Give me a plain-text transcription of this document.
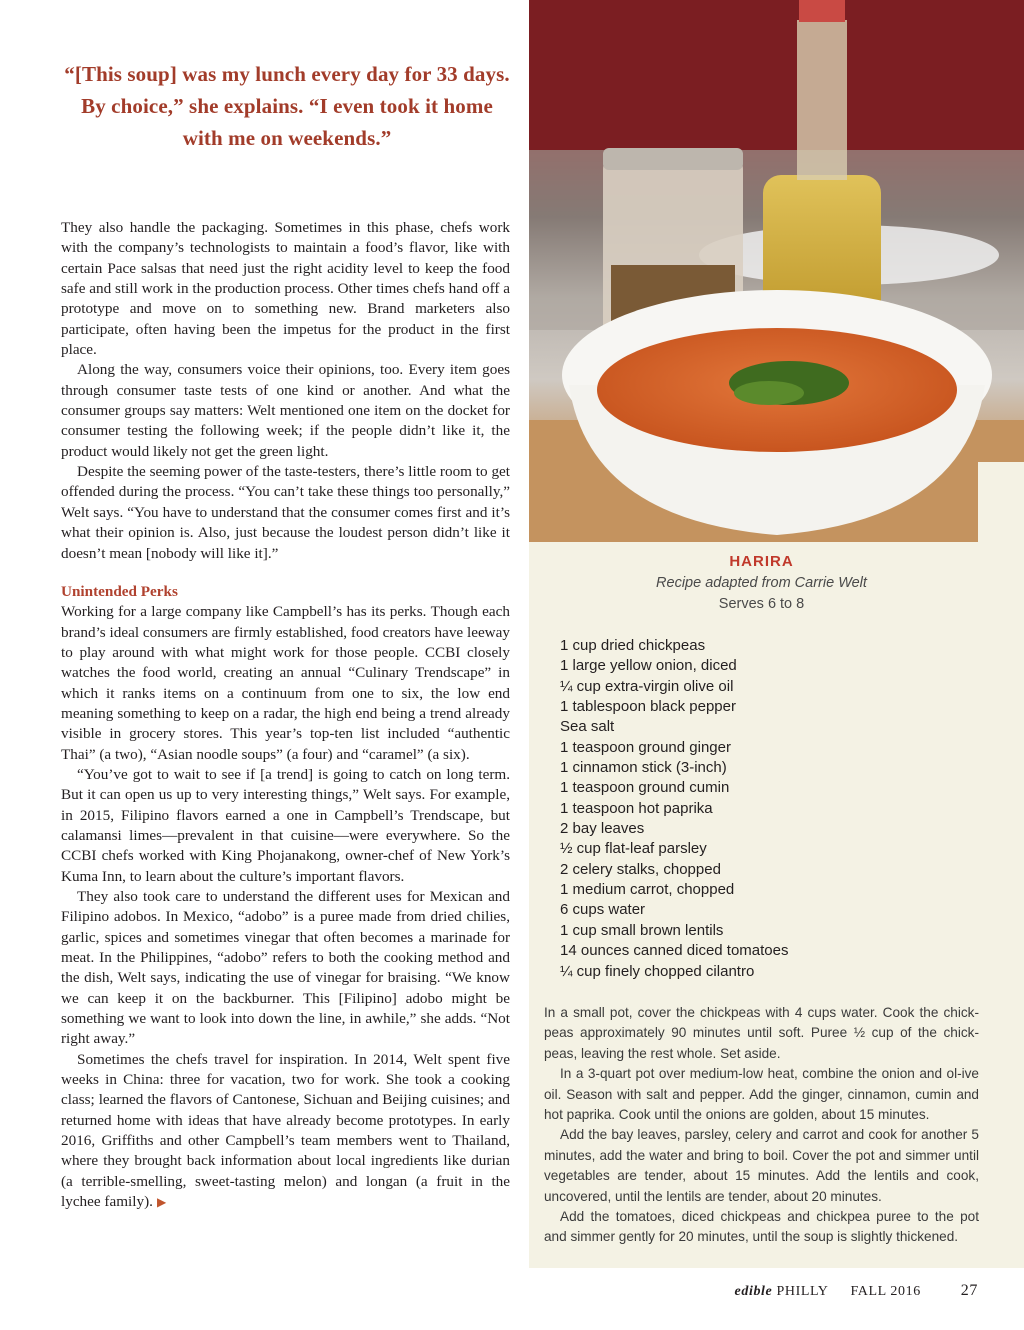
“[This soup] was my lunch every day for 33 days. By choice,” she explains. “I even took it home with me on weekends.”

They also handle the packaging. Sometimes in this phase, chefs work with the company’s technologists to maintain a food’s flavor, like with certain Pace salsas that need just the right acidity level to keep the food safe and still work in the production process. Other times chefs hand off a prototype and move on to something new. Brand marketers also participate, often having been the impetus for the product in the first place.

Along the way, consumers voice their opinions, too. Every item goes through consumer taste tests of one kind or another. And what the consumer groups say matters: Welt mentioned one item on the docket for consumer testing the following week; if the people didn’t like it, the product would likely not get the green light.

Despite the seeming power of the taste-testers, there’s little room to get offended during the process. “You can’t take these things too personally,” Welt says. “You have to understand that the consumer comes first and it’s what their opinion is. Also, just because the loudest person didn’t like it doesn’t mean [nobody will like it].”

Unintended Perks

Working for a large company like Campbell’s has its perks. Though each brand’s ideal consumers are firmly established, food creators have leeway to play around with what might work for those people. CCBI closely watches the food world, creating an annual “Culinary Trendscape” in which it ranks items on a continuum from one to six, the low end meaning something to keep on a radar, the high end being a trend already visible in grocery stores. This year’s top-ten list included “authentic Thai” (a two), “Asian noodle soups” (a four) and “caramel” (a six).

“You’ve got to wait to see if [a trend] is going to catch on long term. But it can open us up to very interesting things,” Welt says. For example, in 2015, Filipino flavors earned a one in Campbell’s Trendscape, but calamansi limes—prevalent in that cuisine—were everywhere. So the CCBI chefs worked with King Phojanakong, owner-chef of New York’s Kuma Inn, to learn about the culture’s important flavors.

They also took care to understand the different uses for Mexican and Filipino adobos. In Mexico, “adobo” is a puree made from dried chilies, garlic, spices and sometimes vinegar that often becomes a marinade for meat. In the Philippines, “adobo” refers to both the cooking method and the dish, Welt says, indicating the use of vinegar for braising. “We know we can keep it on the backburner. This [Filipino] adobo might be something we want to look into down the line, in awhile,” she adds. “Not right away.”

Sometimes the chefs travel for inspiration. In 2014, Welt spent five weeks in China: three for vacation, two for work. She took a cooking class; learned the flavors of Cantonese, Sichuan and Beijing cuisines; and returned home with ideas that have already become prototypes. In early 2016, Griffiths and other Campbell’s team members went to Thailand, where they brought back information about local ingredients like durian (a terrible-smelling, sweet-tasting melon) and longan (a fruit in the lychee family). ▶

HARIRA
Recipe adapted from Carrie Welt
Serves 6 to 8
1 cup dried chickpeas
1 large yellow onion, diced
¼ cup extra-virgin olive oil
1 tablespoon black pepper
Sea salt
1 teaspoon ground ginger
1 cinnamon stick (3-inch)
1 teaspoon ground cumin
1 teaspoon hot paprika
2 bay leaves
½ cup flat-leaf parsley
2 celery stalks, chopped
1 medium carrot, chopped
6 cups water
1 cup small brown lentils
14 ounces canned diced tomatoes
¼ cup finely chopped cilantro

In a small pot, cover the chickpeas with 4 cups water. Cook the chick-peas approximately 90 minutes until soft. Puree ½ cup of the chick-peas, leaving the rest whole. Set aside.

In a 3-quart pot over medium-low heat, combine the onion and ol-ive oil. Season with salt and pepper. Add the ginger, cinnamon, cumin and hot paprika. Cook until the onions are golden, about 15 minutes.

Add the bay leaves, parsley, celery and carrot and cook for another 5 minutes, add the water and bring to boil. Cover the pot and simmer until vegetables are tender, about 15 minutes. Add the lentils and cook, uncovered, until the lentils are tender, about 20 minutes.

Add the tomatoes, diced chickpeas and chickpea puree to the pot and simmer gently for 20 minutes, until the soup is slightly thickened.

edible PHILLY FALL 2016	27
